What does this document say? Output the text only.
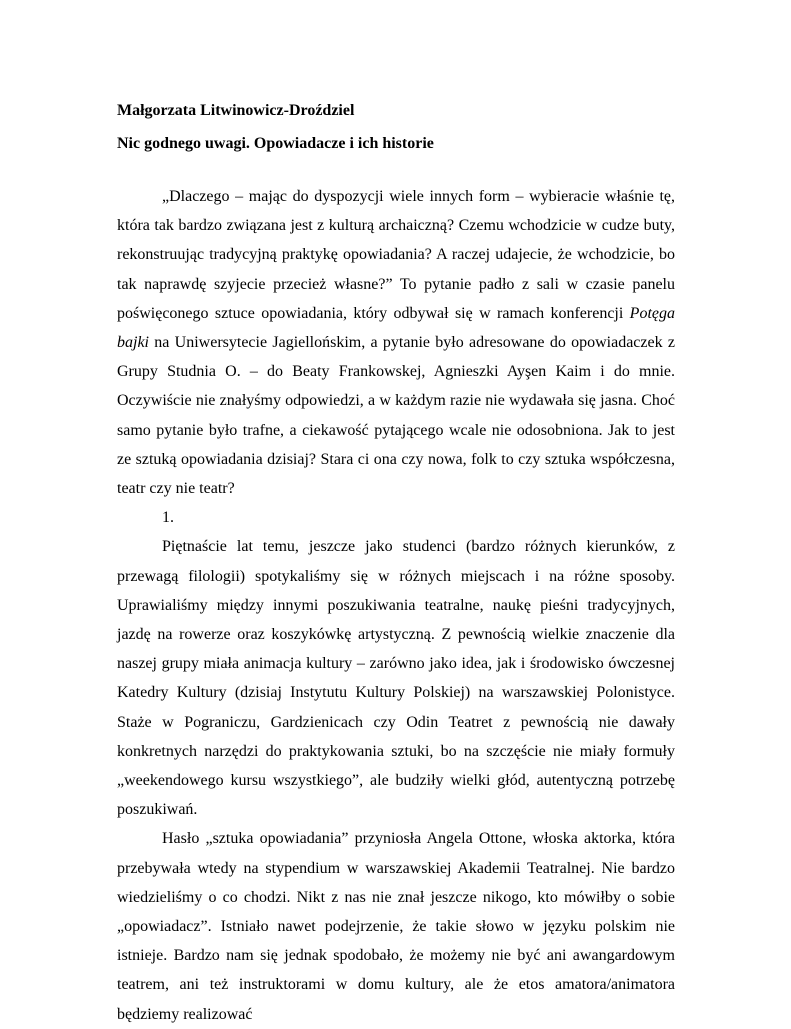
Małgorzata Litwinowicz-Droździel
Nic godnego uwagi. Opowiadacze i ich historie

„Dlaczego – mając do dyspozycji wiele innych form – wybieracie właśnie tę, która tak bardzo związana jest z kulturą archaiczną? Czemu wchodzicie w cudze buty, rekonstruując tradycyjną praktykę opowiadania? A raczej udajecie, że wchodzicie, bo tak naprawdę szyjecie przecież własne?” To pytanie padło z sali w czasie panelu poświęconego sztuce opowiadania, który odbywał się w ramach konferencji Potęga bajki na Uniwersytecie Jagiellońskim, a pytanie było adresowane do opowiadaczek z Grupy Studnia O. – do Beaty Frankowskej, Agnieszki Ayşen Kaim i do mnie. Oczywiście nie znałyśmy odpowiedzi, a w każdym razie nie wydawała się jasna. Choć samo pytanie było trafne, a ciekawość pytającego wcale nie odosobniona. Jak to jest ze sztuką opowiadania dzisiaj? Stara ci ona czy nowa, folk to czy sztuka współczesna, teatr czy nie teatr?

1.

Piętnaście lat temu, jeszcze jako studenci (bardzo różnych kierunków, z przewagą filologii) spotykaliśmy się w różnych miejscach i na różne sposoby. Uprawialiśmy między innymi poszukiwania teatralne, naukę pieśni tradycyjnych, jazdę na rowerze oraz koszykówkę artystyczną. Z pewnością wielkie znaczenie dla naszej grupy miała animacja kultury – zarówno jako idea, jak i środowisko ówczesnej Katedry Kultury (dzisiaj Instytutu Kultury Polskiej) na warszawskiej Polonistyce. Staże w Pograniczu, Gardzienicach czy Odin Teatret z pewnością nie dawały konkretnych narzędzi do praktykowania sztuki, bo na szczęście nie miały formuły „weekendowego kursu wszystkiego”, ale budziły wielki głód, autentyczną potrzebę poszukiwań.

Hasło „sztuka opowiadania” przyniosła Angela Ottone, włoska aktorka, która przebywała wtedy na stypendium w warszawskiej Akademii Teatralnej. Nie bardzo wiedzieliśmy o co chodzi. Nikt z nas nie znał jeszcze nikogo, kto mówiłby o sobie „opowiadacz”. Istniało nawet podejrzenie, że takie słowo w języku polskim nie istnieje. Bardzo nam się jednak spodobało, że możemy nie być ani awangardowym teatrem, ani też instruktorami w domu kultury, ale że etos amatora/animatora będziemy realizować
